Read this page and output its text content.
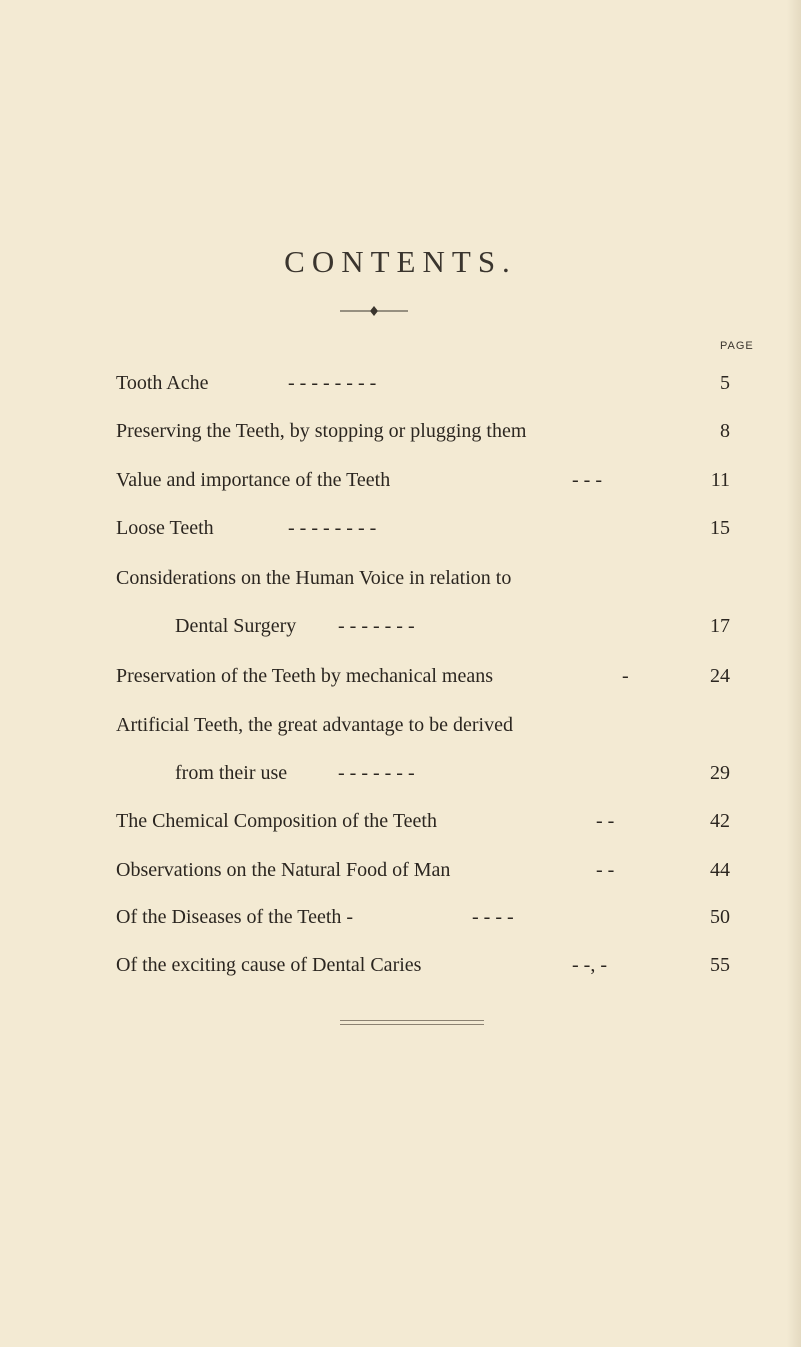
CONTENTS.
PAGE
Tooth Ache	- - - - - - - -	5
Preserving the Teeth, by stopping or plugging them	8
Value and importance of the Teeth	- - -	11
Loose Teeth	- - - - - - - -	15
Considerations on the Human Voice in relation to
Dental Surgery	- - - - - - -	17
Preservation of the Teeth by mechanical means	-	24
Artificial Teeth, the great advantage to be derived
from their use	- - - - - - -	29
The Chemical Composition of the Teeth	- -	42
Observations on the Natural Food of Man	- -	44
Of the Diseases of the Teeth -	- - - -	50
Of the exciting cause of Dental Caries	- -, -	55
